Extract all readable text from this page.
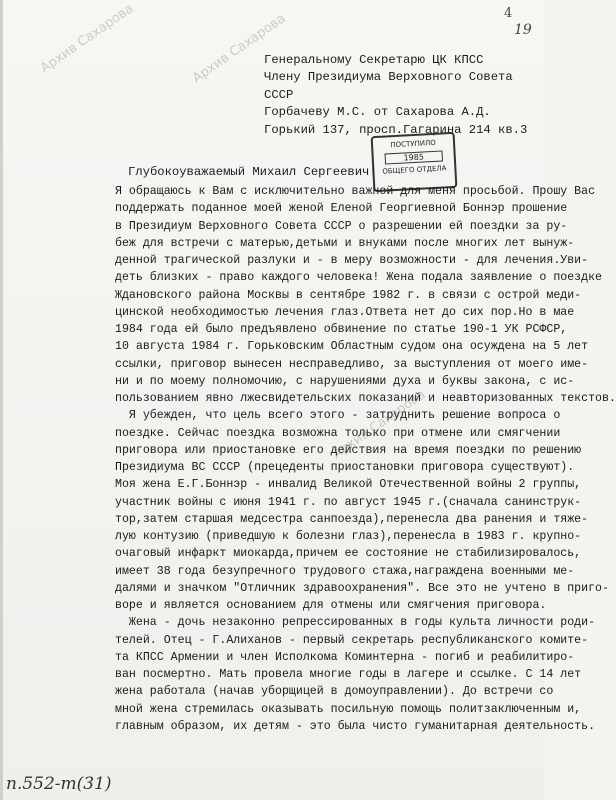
Архив Сахарова	Архив Сахарова
Архив Сахарова
4
19
Генеральному Секретарю ЦК КПСС
Члену Президиума Верховного Совета
СССР
Горбачеву М.С. от Сахарова А.Д.
Горький 137, просп.Гагарина 214 кв.3
ПОСТУПИЛО
1985
ОБЩЕГО ОТДЕЛА
Глубокоуважаемый Михаил Сергеевич!
Я обращаюсь к Вам с исключительно важной для меня просьбой. Прошу Вас
поддержать поданное моей женой Еленой Георгиевной Боннэр прошение
в Президиум Верховного Совета СССР о разрешении ей поездки за ру-
беж для встречи с матерью,детьми и внуками после многих лет вынуж-
денной трагической разлуки и - в меру возможности - для лечения.Уви-
деть близких - право каждого человека! Жена подала заявление о поездке
Ждановского района Москвы в сентябре 1982 г. в связи с острой меди-
цинской необходимостью лечения глаз.Ответа нет до сих пор.Но в мае
1984 года ей было предъявлено обвинение по статье 190-1 УК РСФСР,
10 августа 1984 г. Горьковским Областным судом она осуждена на 5 лет
ссылки, приговор вынесен несправедливо, за выступления от моего име-
ни и по моему полномочию, с нарушениями духа и буквы закона, с ис-
пользованием явно лжесвидетельских показаний и неавторизованных текстов.
Я убежден, что цель всего этого - затруднить решение вопроса о
поездке. Сейчас поездка возможна только при отмене или смягчении
приговора или приостановке его действия на время поездки по решению
Президиума ВС СССР (прецеденты приостановки приговора существуют).
Моя жена Е.Г.Боннэр - инвалид Великой Отечественной войны 2 группы,
участник войны с июня 1941 г. по август 1945 г.(сначала санинструк-
тор,затем старшая медсестра санпоезда),перенесла два ранения и тяже-
лую контузию (приведшую к болезни глаз),перенесла в 1983 г. крупно-
очаговый инфаркт миокарда,причем ее состояние не стабилизировалось,
имеет 38 года безупречного трудового стажа,награждена военными ме-
далями и значком "Отличник здравоохранения". Все это не учтено в приго-
воре и является основанием для отмены или смягчения приговора.
Жена - дочь незаконно репрессированных в годы культа личности роди-
телей. Отец - Г.Алиханов - первый секретарь республиканского комите-
та КПСС Армении и член Исполкома Коминтерна - погиб и реабилитиро-
ван посмертно. Мать провела многие годы в лагере и ссылке. С 14 лет
жена работала (начав уборщицей в домоуправлении). До встречи со
мной жена стремилась оказывать посильную помощь политзаключенным и,
главным образом, их детям - это была чисто гуманитарная деятельность.
n.552-m(31)
